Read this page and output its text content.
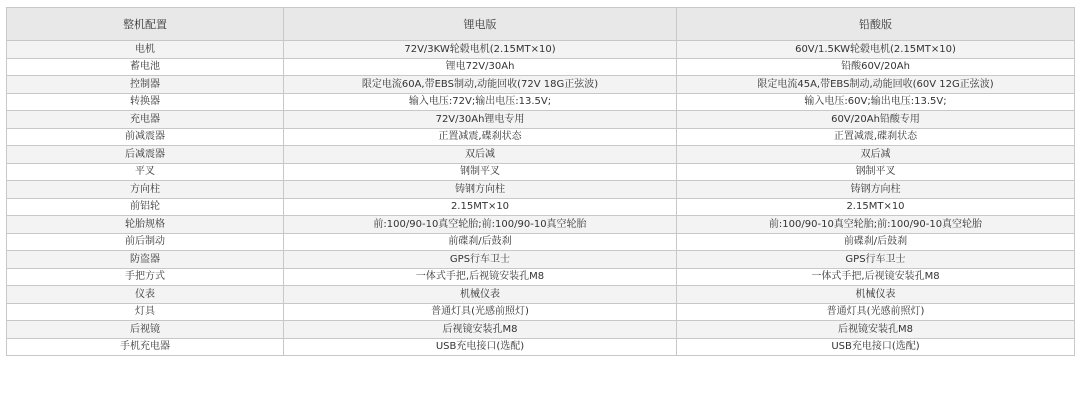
整机配置	锂电版	铅酸版
电机	72V/3KW轮毂电机(2.15MT×10)	60V/1.5KW轮毂电机(2.15MT×10)
蓄电池	锂电72V/30Ah	铅酸60V/20Ah
控制器	限定电流60A,带EBS制动,动能回收(72V 18G正弦波)	限定电流45A,带EBS制动,动能回收(60V 12G正弦波)
转换器	输入电压:72V;输出电压:13.5V;	输入电压:60V;输出电压:13.5V;
充电器	72V/30Ah锂电专用	60V/20Ah铅酸专用
前减震器	正置减震,碟刹状态	正置减震,碟刹状态
后减震器	双后减	双后减
平叉	钢制平叉	钢制平叉
方向柱	铸钢方向柱	铸钢方向柱
前铝轮	2.15MT×10	2.15MT×10
轮胎规格	前:100/90-10真空轮胎;前:100/90-10真空轮胎	前:100/90-10真空轮胎;前:100/90-10真空轮胎
前后制动	前碟刹/后鼓刹	前碟刹/后鼓刹
防盗器	GPS行车卫士	GPS行车卫士
手把方式	一体式手把,后视镜安装孔M8	一体式手把,后视镜安装孔M8
仪表	机械仪表	机械仪表
灯具	普通灯具(光感前照灯)	普通灯具(光感前照灯)
后视镜	后视镜安装孔M8	后视镜安装孔M8
手机充电器	USB充电接口(选配)	USB充电接口(选配)
